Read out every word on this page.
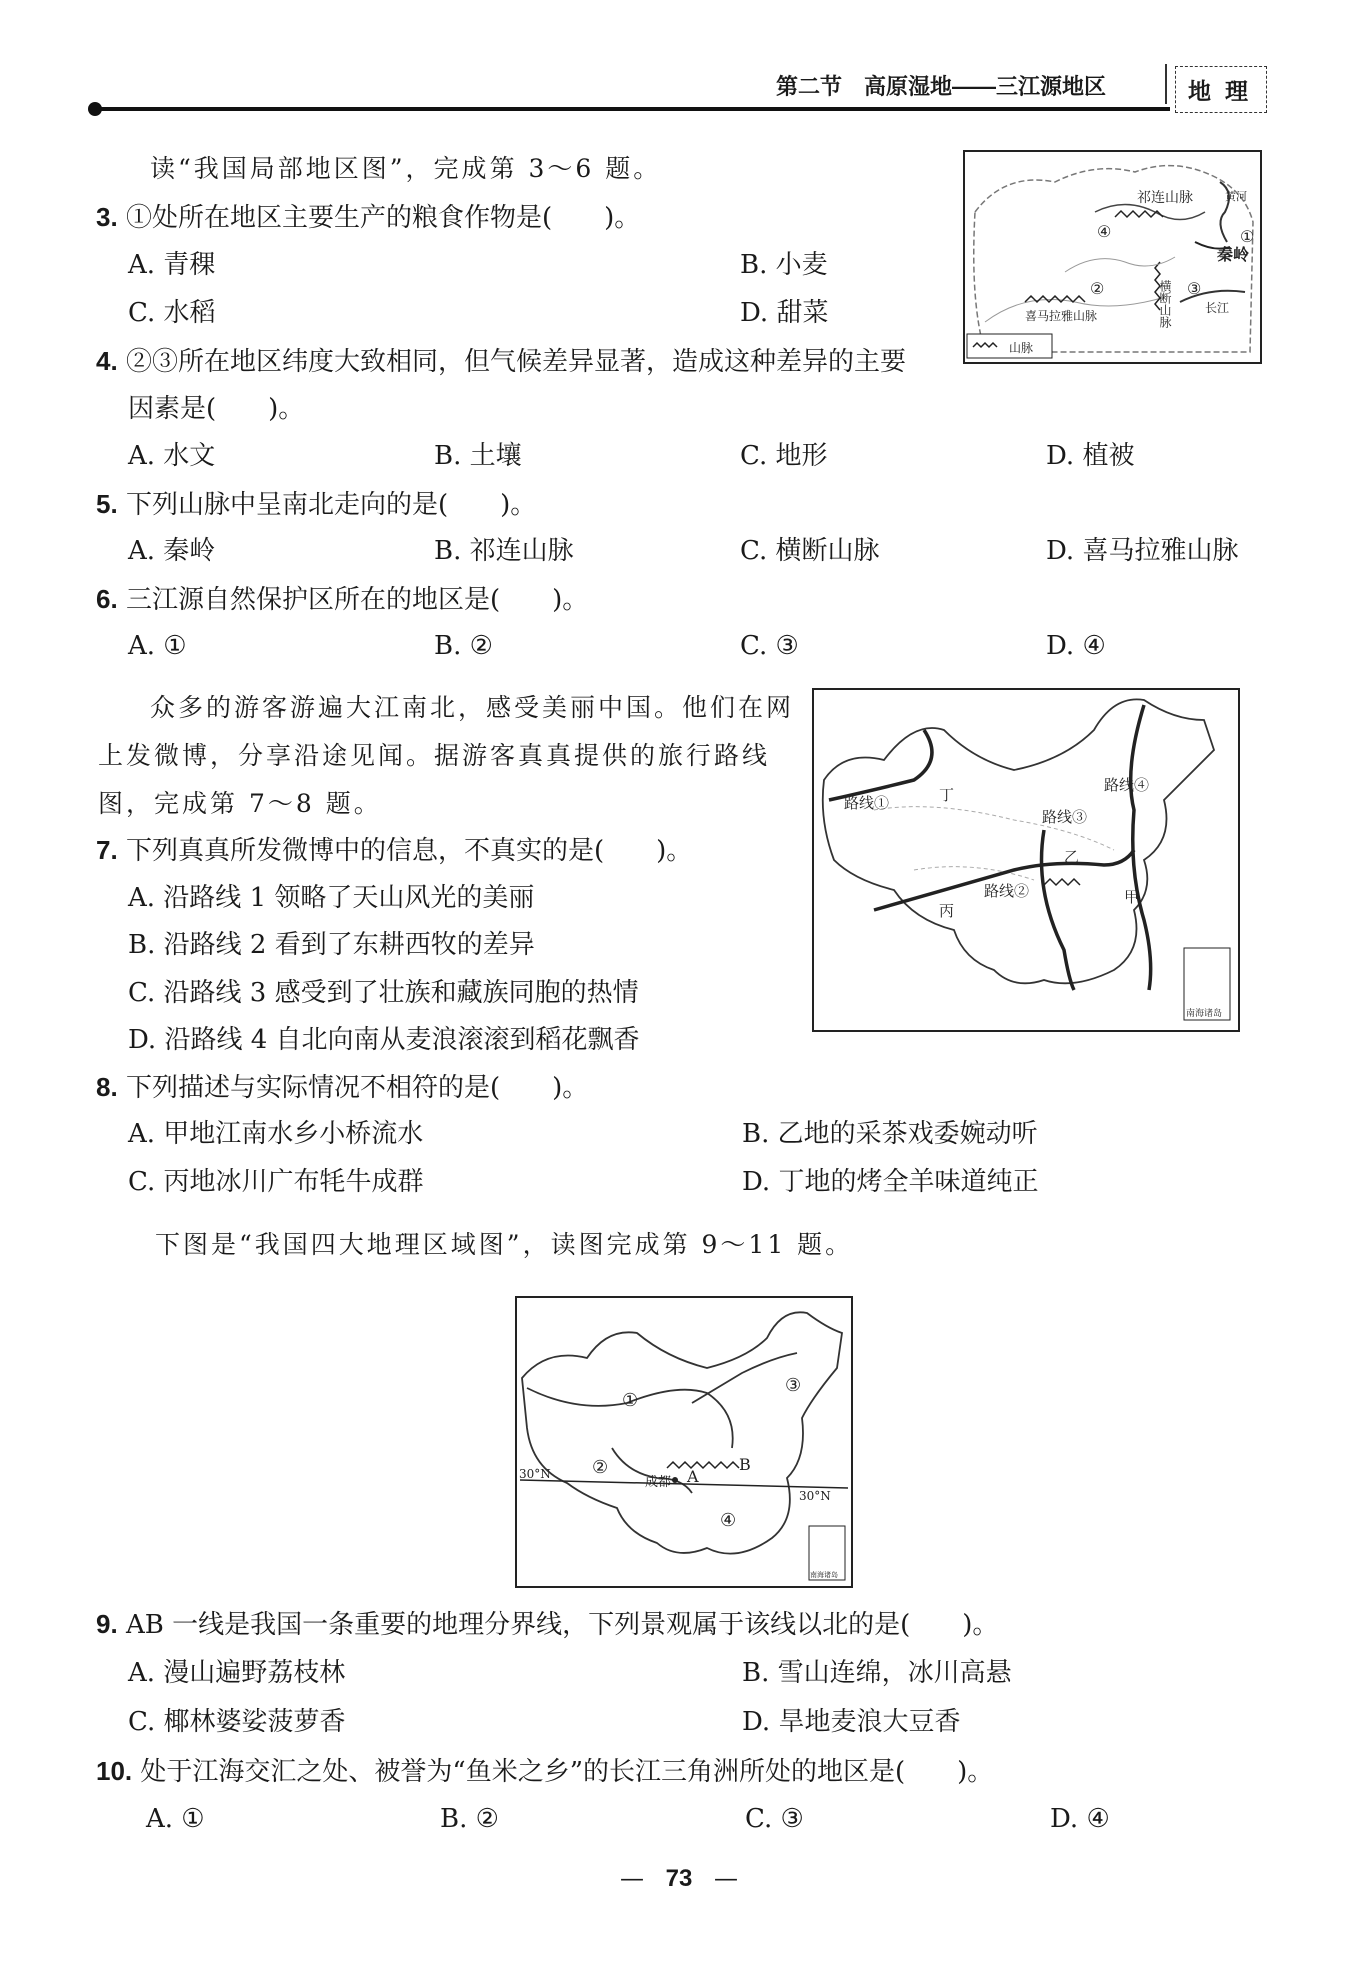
第二节　高原湿地——三江源地区	地理
读“我国局部地区图”，完成第 3～6 题。
祁连山脉	黄河
秦岭
①
②	③
④
喜马拉雅山脉	横断山脉	长江
山脉
3. ①处所在地区主要生产的粮食作物是(　　)。
A. 青稞	B. 小麦
C. 水稻	D. 甜菜
4. ②③所在地区纬度大致相同，但气候差异显著，造成这种差异的主要
因素是(　　)。
A. 水文	B. 土壤	C. 地形	D. 植被
5. 下列山脉中呈南北走向的是(　　)。
A. 秦岭	B. 祁连山脉	C. 横断山脉	D. 喜马拉雅山脉
6. 三江源自然保护区所在的地区是(　　)。
A. ①	B. ②	C. ③	D. ④
众多的游客游遍大江南北，感受美丽中国。他们在网
上发微博，分享沿途见闻。据游客真真提供的旅行路线
图，完成第 7～8 题。	路线①
路线②
路线③
路线④
丁
乙
丙
甲
南海诸岛
7. 下列真真所发微博中的信息，不真实的是(　　)。
A. 沿路线 1 领略了天山风光的美丽
B. 沿路线 2 看到了东耕西牧的差异
C. 沿路线 3 感受到了壮族和藏族同胞的热情
D. 沿路线 4 自北向南从麦浪滚滚到稻花飘香
8. 下列描述与实际情况不相符的是(　　)。
A. 甲地江南水乡小桥流水	B. 乙地的采茶戏委婉动听
C. 丙地冰川广布牦牛成群	D. 丁地的烤全羊味道纯正
下图是“我国四大地理区域图”，读图完成第 9～11 题。
①
②
③
④
成都 A
B
30°N
30°N
南海诸岛
9. AB 一线是我国一条重要的地理分界线，下列景观属于该线以北的是(　　)。
A. 漫山遍野荔枝林	B. 雪山连绵，冰川高悬
C. 椰林婆娑菠萝香	D. 旱地麦浪大豆香
10. 处于江海交汇之处、被誉为“鱼米之乡”的长江三角洲所处的地区是(　　)。
A. ①	B. ②	C. ③	D. ④
— 73 —
